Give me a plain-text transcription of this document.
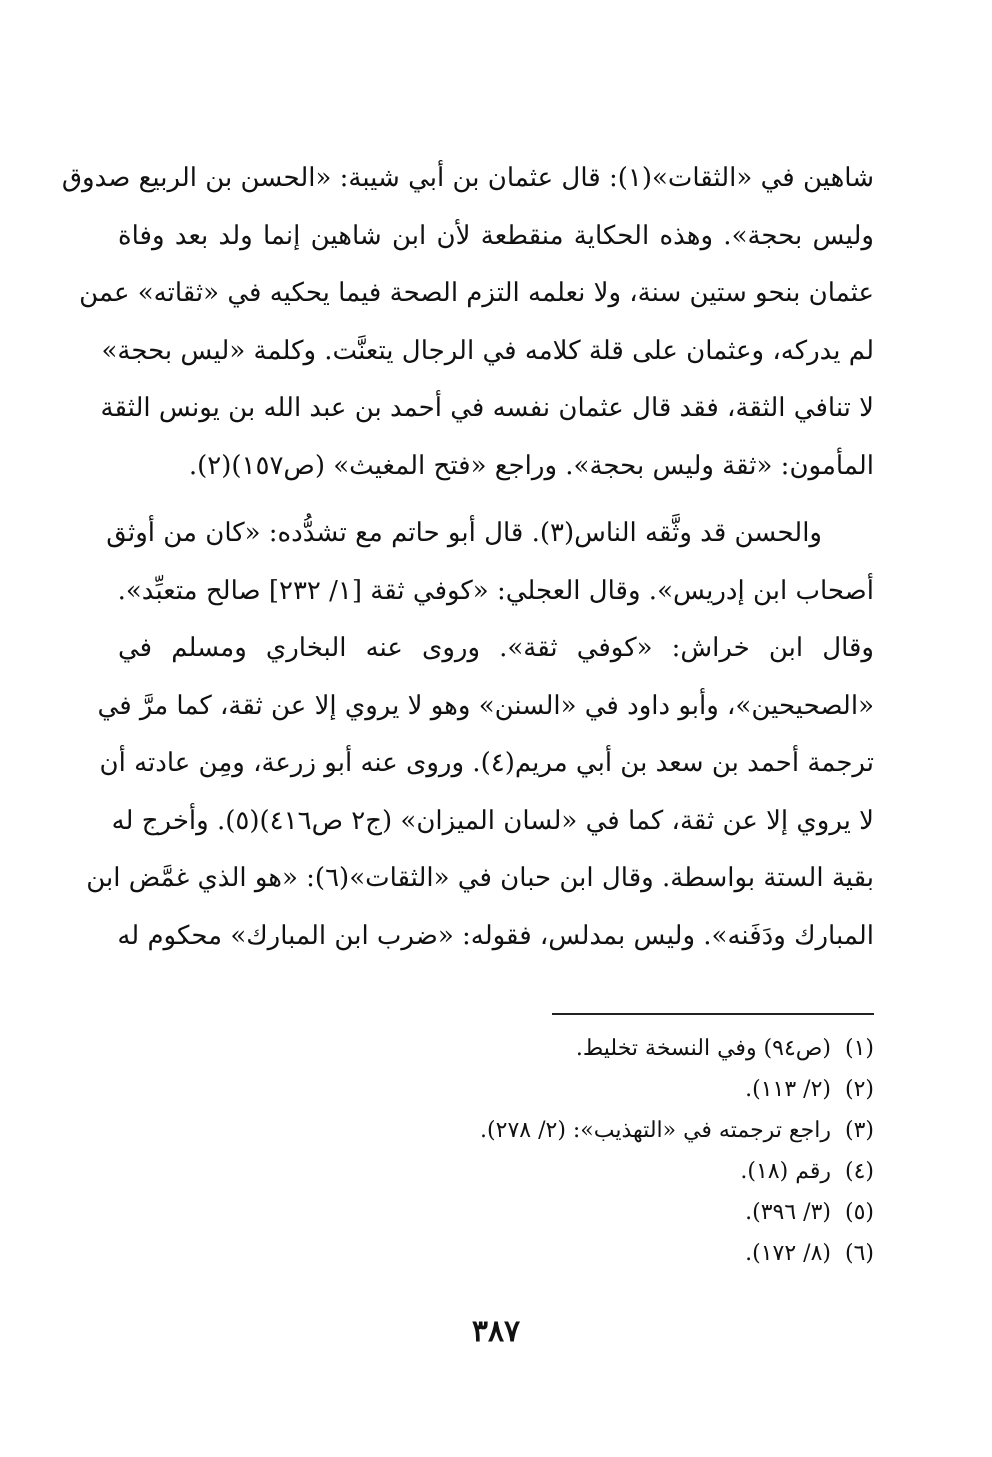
شاهين في «الثقات»(١): قال عثمان بن أبي شيبة: «الحسن بن الربيع صدوق
وليس بحجة». وهذه الحكاية منقطعة لأن ابن شاهين إنما ولد بعد وفاة
عثمان بنحو ستين سنة، ولا نعلمه التزم الصحة فيما يحكيه في «ثقاته» عمن
لم يدركه، وعثمان على قلة كلامه في الرجال يتعنَّت. وكلمة «ليس بحجة»
لا تنافي الثقة، فقد قال عثمان نفسه في أحمد بن عبد الله بن يونس الثقة
المأمون: «ثقة وليس بحجة». وراجع «فتح المغيث» (ص١٥٧)(٢).
والحسن قد وثَّقه الناس(٣). قال أبو حاتم مع تشدُّده: «كان من أوثق
أصحاب ابن إدريس». وقال العجلي: «كوفي ثقة [١/ ٢٣٢] صالح متعبِّد».
وقال ابن خراش: «كوفي ثقة». وروى عنه البخاري ومسلم في
«الصحيحين»، وأبو داود في «السنن» وهو لا يروي إلا عن ثقة، كما مرَّ في
ترجمة أحمد بن سعد بن أبي مريم(٤). وروى عنه أبو زرعة، ومِن عادته أن
لا يروي إلا عن ثقة، كما في «لسان الميزان» (ج٢ ص٤١٦)(٥). وأخرج له
بقية الستة بواسطة. وقال ابن حبان في «الثقات»(٦): «هو الذي غمَّض ابن
المبارك ودَفَنه». وليس بمدلس، فقوله: «ضرب ابن المبارك» محكوم له
(١)(ص٩٤) وفي النسخة تخليط.
(٢)(٢/ ١١٣).
(٣)راجع ترجمته في «التهذيب»: (٢/ ٢٧٨).
(٤)رقم (١٨).
(٥)(٣/ ٣٩٦).
(٦)(٨/ ١٧٢).
٣٨٧
